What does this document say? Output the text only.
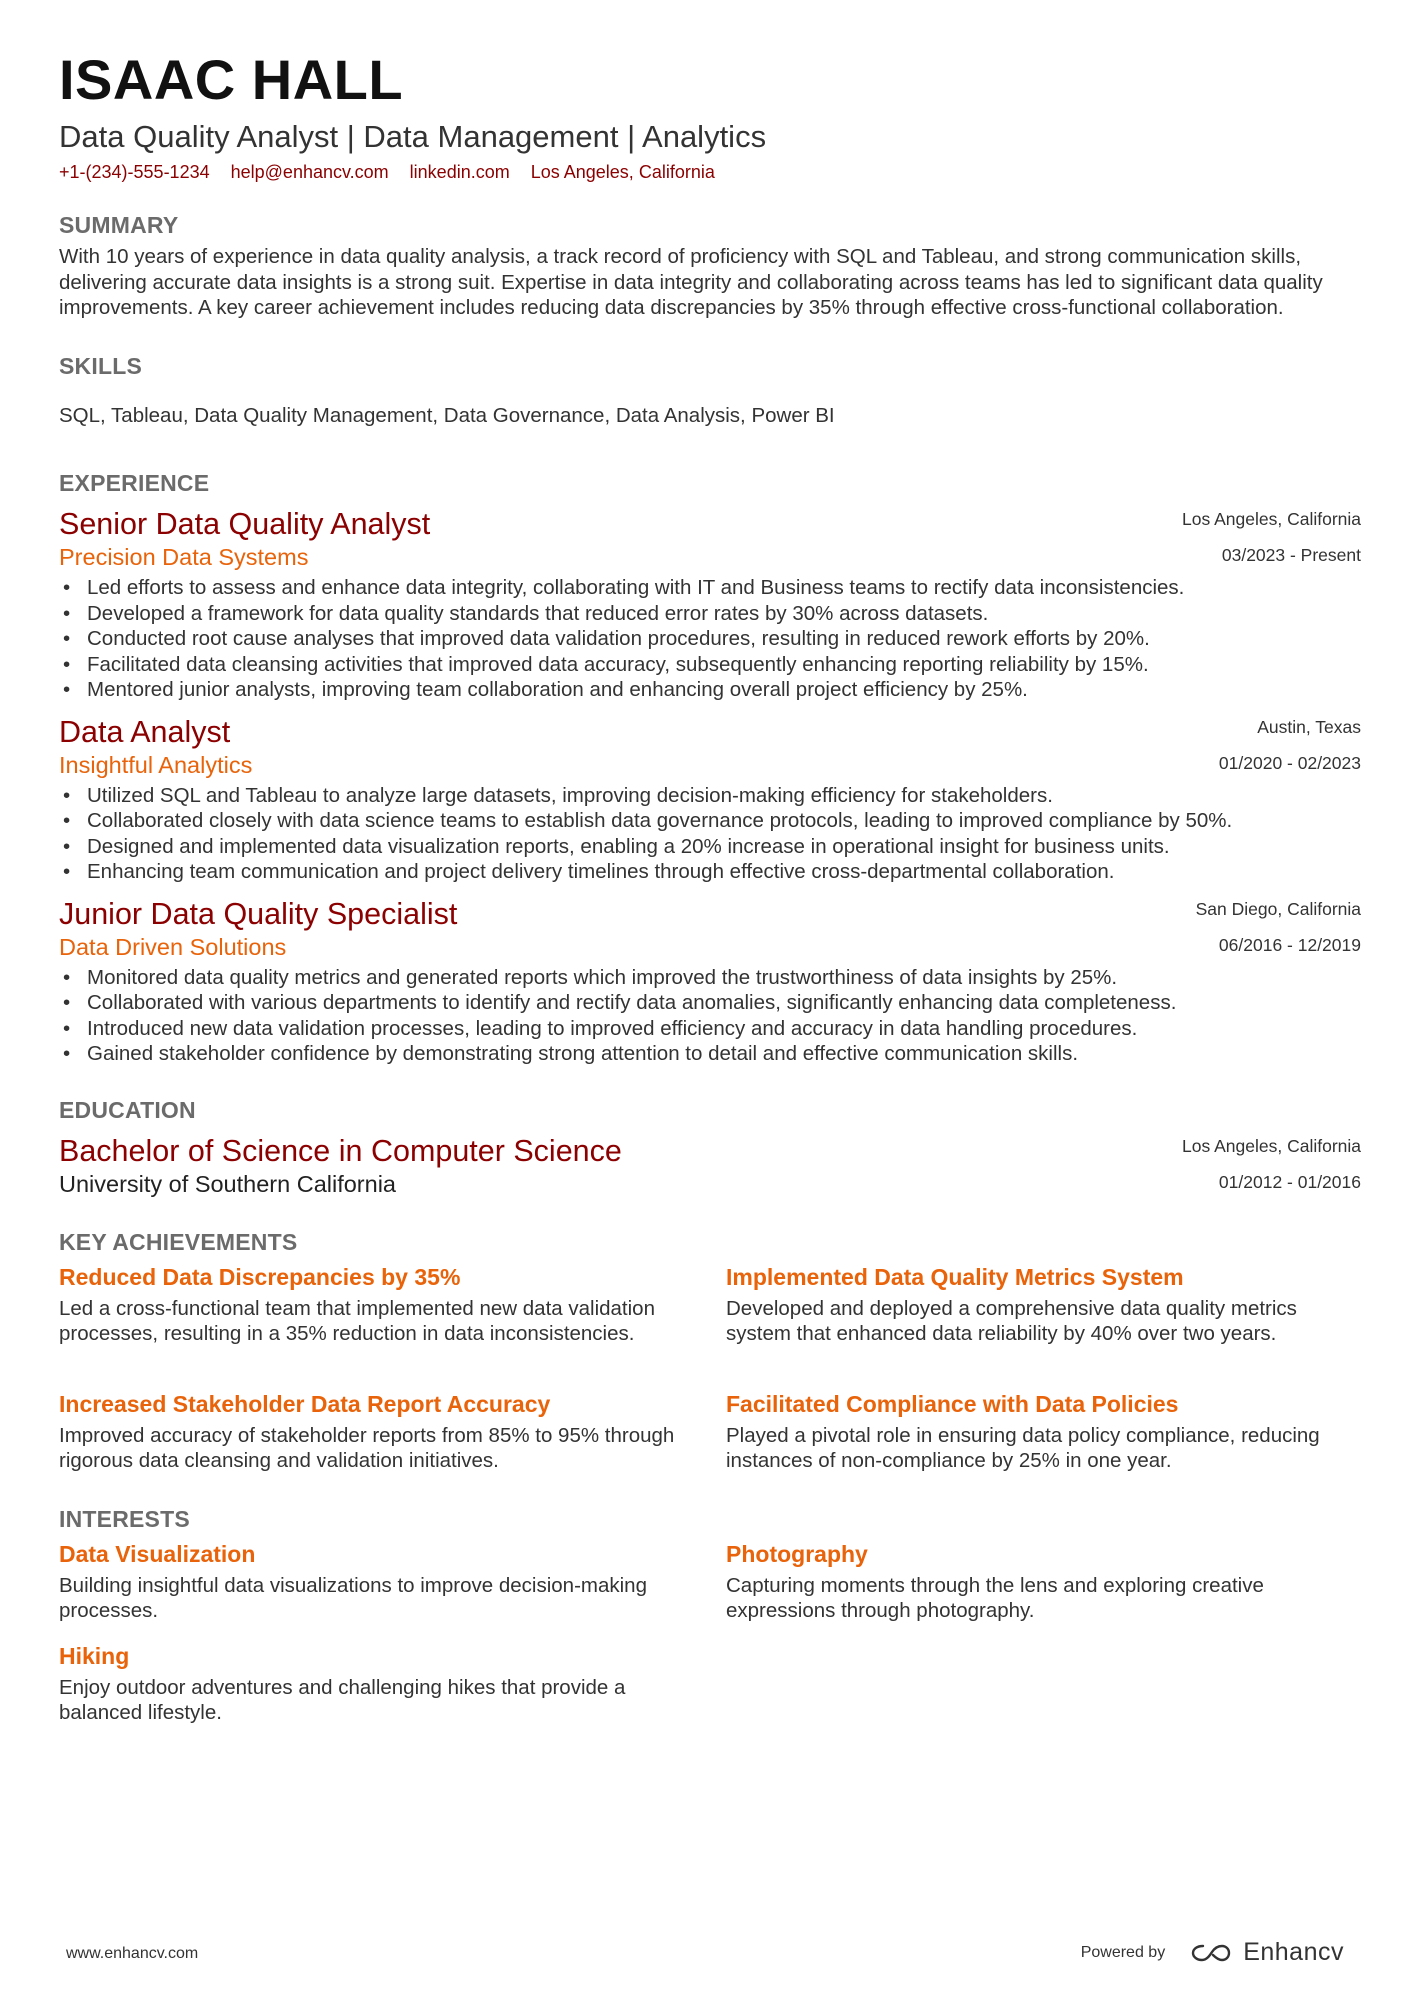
ISAAC HALL
Data Quality Analyst | Data Management | Analytics
+1-(234)-555-1234 help@enhancv.com linkedin.com Los Angeles, California
SUMMARY
With 10 years of experience in data quality analysis, a track record of proficiency with SQL and Tableau, and strong communication skills, delivering accurate data insights is a strong suit. Expertise in data integrity and collaborating across teams has led to significant data quality improvements. A key career achievement includes reducing data discrepancies by 35% through effective cross-functional collaboration.
SKILLS
SQL, Tableau, Data Quality Management, Data Governance, Data Analysis, Power BI
EXPERIENCE
Los Angeles, California
03/2023 - Present
Senior Data Quality Analyst
Precision Data Systems
• Led efforts to assess and enhance data integrity, collaborating with IT and Business teams to rectify data inconsistencies.
• Developed a framework for data quality standards that reduced error rates by 30% across datasets.
• Conducted root cause analyses that improved data validation procedures, resulting in reduced rework efforts by 20%.
• Facilitated data cleansing activities that improved data accuracy, subsequently enhancing reporting reliability by 15%.
• Mentored junior analysts, improving team collaboration and enhancing overall project efficiency by 25%.
Austin, Texas
01/2020 - 02/2023
Data Analyst
Insightful Analytics
• Utilized SQL and Tableau to analyze large datasets, improving decision-making efficiency for stakeholders.
• Collaborated closely with data science teams to establish data governance protocols, leading to improved compliance by 50%.
• Designed and implemented data visualization reports, enabling a 20% increase in operational insight for business units.
• Enhancing team communication and project delivery timelines through effective cross-departmental collaboration.
San Diego, California
06/2016 - 12/2019
Junior Data Quality Specialist
Data Driven Solutions
• Monitored data quality metrics and generated reports which improved the trustworthiness of data insights by 25%.
• Collaborated with various departments to identify and rectify data anomalies, significantly enhancing data completeness.
• Introduced new data validation processes, leading to improved efficiency and accuracy in data handling procedures.
• Gained stakeholder confidence by demonstrating strong attention to detail and effective communication skills.
EDUCATION
Los Angeles, California
01/2012 - 01/2016
Bachelor of Science in Computer Science
University of Southern California
KEY ACHIEVEMENTS
Reduced Data Discrepancies by 35%
Led a cross-functional team that implemented new data validation processes, resulting in a 35% reduction in data inconsistencies.
Implemented Data Quality Metrics System
Developed and deployed a comprehensive data quality metrics system that enhanced data reliability by 40% over two years.
Increased Stakeholder Data Report Accuracy
Improved accuracy of stakeholder reports from 85% to 95% through rigorous data cleansing and validation initiatives.
Facilitated Compliance with Data Policies
Played a pivotal role in ensuring data policy compliance, reducing instances of non-compliance by 25% in one year.
INTERESTS
Data Visualization
Building insightful data visualizations to improve decision-making processes.
Photography
Capturing moments through the lens and exploring creative expressions through photography.
Hiking
Enjoy outdoor adventures and challenging hikes that provide a balanced lifestyle.
www.enhancv.com	Powered by	Enhancv
